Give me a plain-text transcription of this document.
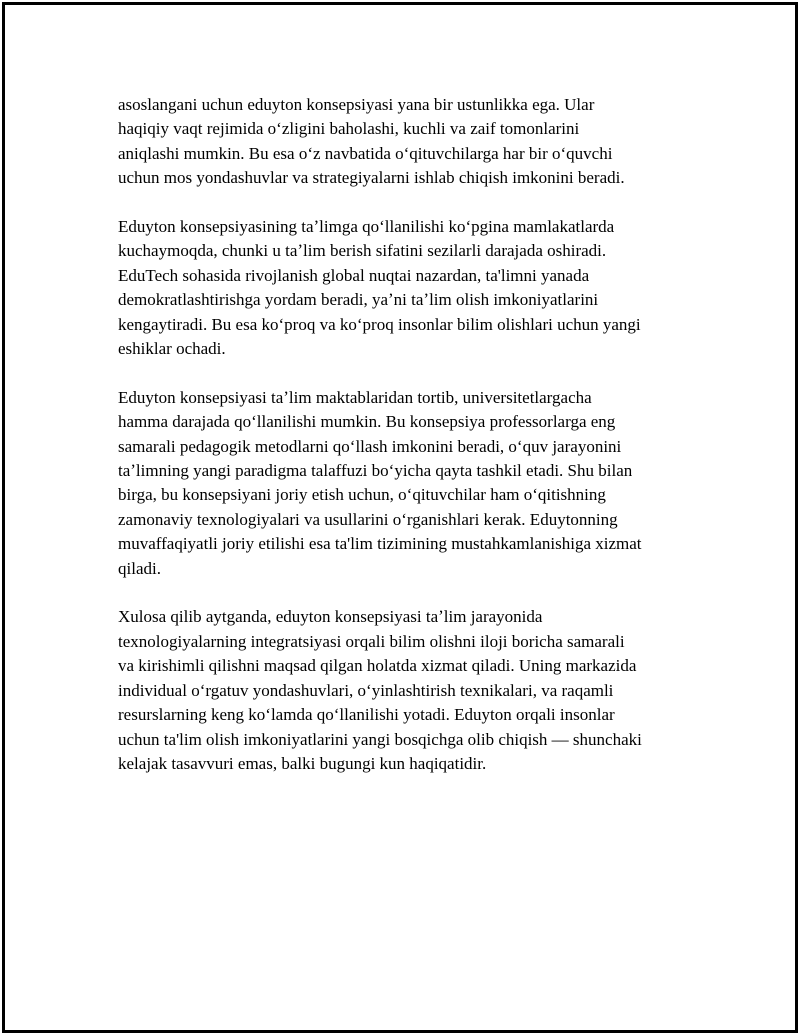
asoslangani uchun eduyton konsepsiyasi yana bir ustunlikka ega. Ular
haqiqiy vaqt rejimida oʻzligini baholashi, kuchli va zaif tomonlarini
aniqlashi mumkin. Bu esa oʻz navbatida oʻqituvchilarga har bir oʻquvchi
uchun mos yondashuvlar va strategiyalarni ishlab chiqish imkonini beradi.
Eduyton konsepsiyasining taʼlimga qoʻllanilishi koʻpgina mamlakatlarda
kuchaymoqda, chunki u taʼlim berish sifatini sezilarli darajada oshiradi.
EduTech sohasida rivojlanish global nuqtai nazardan, ta'limni yanada
demokratlashtirishga yordam beradi, yaʼni taʼlim olish imkoniyatlarini
kengaytiradi. Bu esa koʻproq va koʻproq insonlar bilim olishlari uchun yangi
eshiklar ochadi.
Eduyton konsepsiyasi taʼlim maktablaridan tortib, universitetlargacha
hamma darajada qoʻllanilishi mumkin. Bu konsepsiya professorlarga eng
samarali pedagogik metodlarni qoʻllash imkonini beradi, oʻquv jarayonini
taʼlimning yangi paradigma talaffuzi boʻyicha qayta tashkil etadi. Shu bilan
birga, bu konsepsiyani joriy etish uchun, oʻqituvchilar ham oʻqitishning
zamonaviy texnologiyalari va usullarini oʻrganishlari kerak. Eduytonning
muvaffaqiyatli joriy etilishi esa ta'lim tizimining mustahkamlanishiga xizmat
qiladi.
Xulosa qilib aytganda, eduyton konsepsiyasi taʼlim jarayonida
texnologiyalarning integratsiyasi orqali bilim olishni iloji boricha samarali
va kirishimli qilishni maqsad qilgan holatda xizmat qiladi. Uning markazida
individual oʻrgatuv yondashuvlari, oʻyinlashtirish texnikalari, va raqamli
resurslarning keng koʻlamda qoʻllanilishi yotadi. Eduyton orqali insonlar
uchun ta'lim olish imkoniyatlarini yangi bosqichga olib chiqish — shunchaki
kelajak tasavvuri emas, balki bugungi kun haqiqatidir.
